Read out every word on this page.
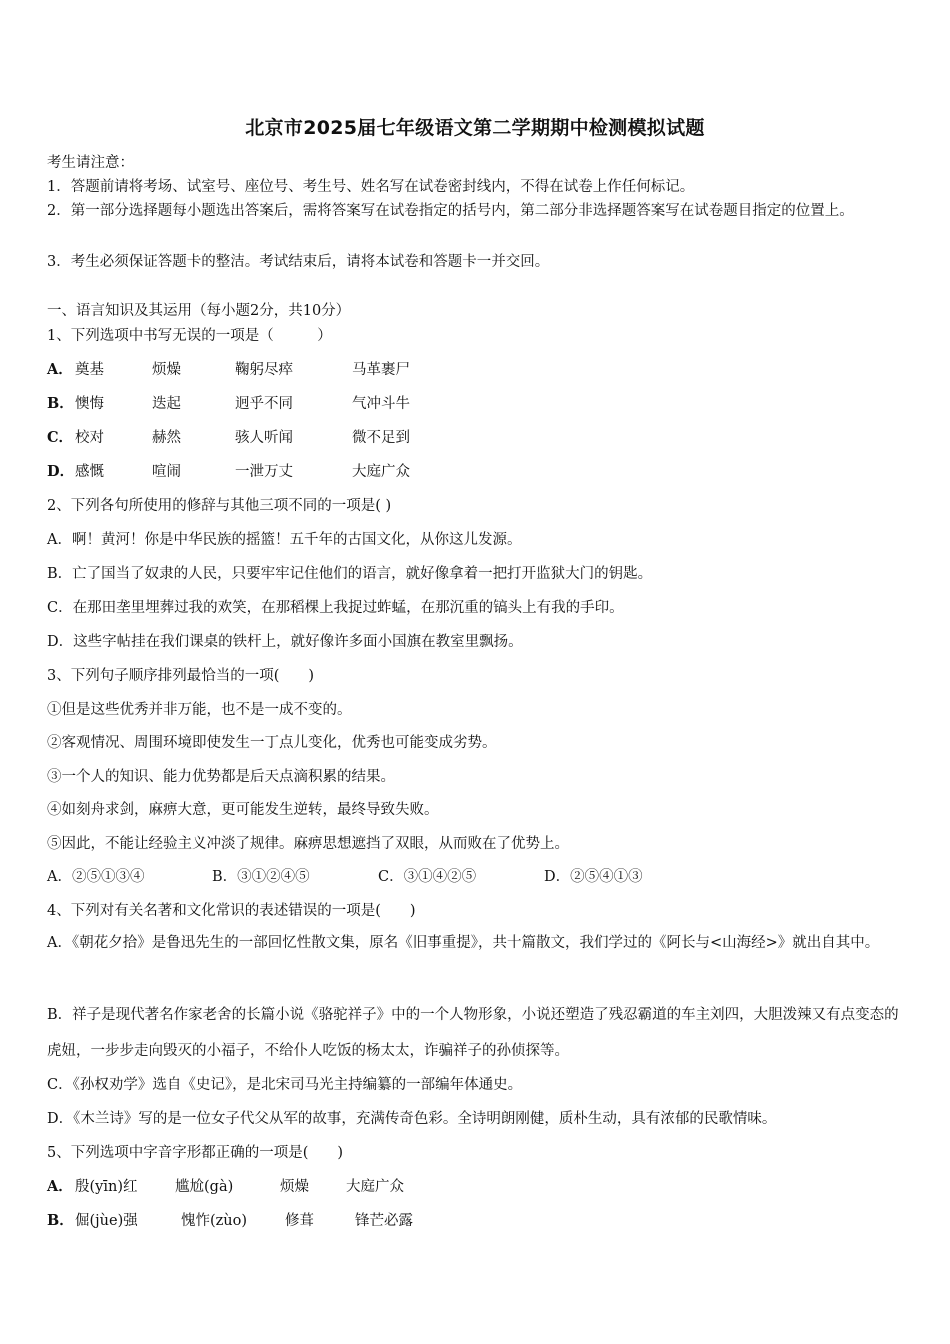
北京市2025届七年级语文第二学期期中检测模拟试题
考生请注意：
1．答题前请将考场、试室号、座位号、考生号、姓名写在试卷密封线内，不得在试卷上作任何标记。
2．第一部分选择题每小题选出答案后，需将答案写在试卷指定的括号内，第二部分非选择题答案写在试卷题目指定的位置上。
3．考生必须保证答题卡的整洁。考试结束后，请将本试卷和答题卡一并交回。
一、语言知识及其运用（每小题2分，共10分）
1、下列选项中书写无误的一项是（　　　）
A． 奠基	烦燥	鞠躬尽瘁	马革裹尸
B．懊悔	迭起	迥乎不同	气冲斗牛
C． 校对	赫然	骇人听闻	微不足到
D．感慨	喧闹	一泄万丈	大庭广众
2、下列各句所使用的修辞与其他三项不同的一项是( )
A．啊！黄河！你是中华民族的摇篮！五千年的古国文化，从你这儿发源。
B．亡了国当了奴隶的人民，只要牢牢记住他们的语言，就好像拿着一把打开监狱大门的钥匙。
C．在那田垄里埋葬过我的欢笑，在那稻棵上我捉过蚱蜢，在那沉重的镐头上有我的手印。
D．这些字帖挂在我们课桌的铁杆上，就好像许多面小国旗在教室里飘扬。
3、下列句子顺序排列最恰当的一项(　　)
①但是这些优秀并非万能，也不是一成不变的。
②客观情况、周围环境即使发生一丁点儿变化，优秀也可能变成劣势。
③一个人的知识、能力优势都是后天点滴积累的结果。
④如刻舟求剑，麻痹大意，更可能发生逆转，最终导致失败。
⑤因此，不能让经验主义冲淡了规律。麻痹思想遮挡了双眼，从而败在了优势上。
A．②⑤①③④	B．③①②④⑤	C．③①④②⑤	D．②⑤④①③
4、下列对有关名著和文化常识的表述错误的一项是(　　)
A．《朝花夕拾》是鲁迅先生的一部回忆性散文集，原名《旧事重提》，共十篇散文，我们学过的《阿长与<山海经>》就出自其中。
B．祥子是现代著名作家老舍的长篇小说《骆驼祥子》中的一个人物形象，小说还塑造了残忍霸道的车主刘四，大胆泼辣又有点变态的虎妞，一步步走向毁灭的小福子，不给仆人吃饭的杨太太，诈骗祥子的孙侦探等。
C．《孙权劝学》选自《史记》，是北宋司马光主持编纂的一部编年体通史。
D．《木兰诗》写的是一位女子代父从军的故事，充满传奇色彩。全诗明朗刚健，质朴生动，具有浓郁的民歌情味。
5、下列选项中字音字形都正确的一项是(　　)
A． 殷(yīn)红	尴尬(gà)	烦燥	大庭广众
B．倔(jùe)强	愧怍(zùo)	修葺	锋芒必露
